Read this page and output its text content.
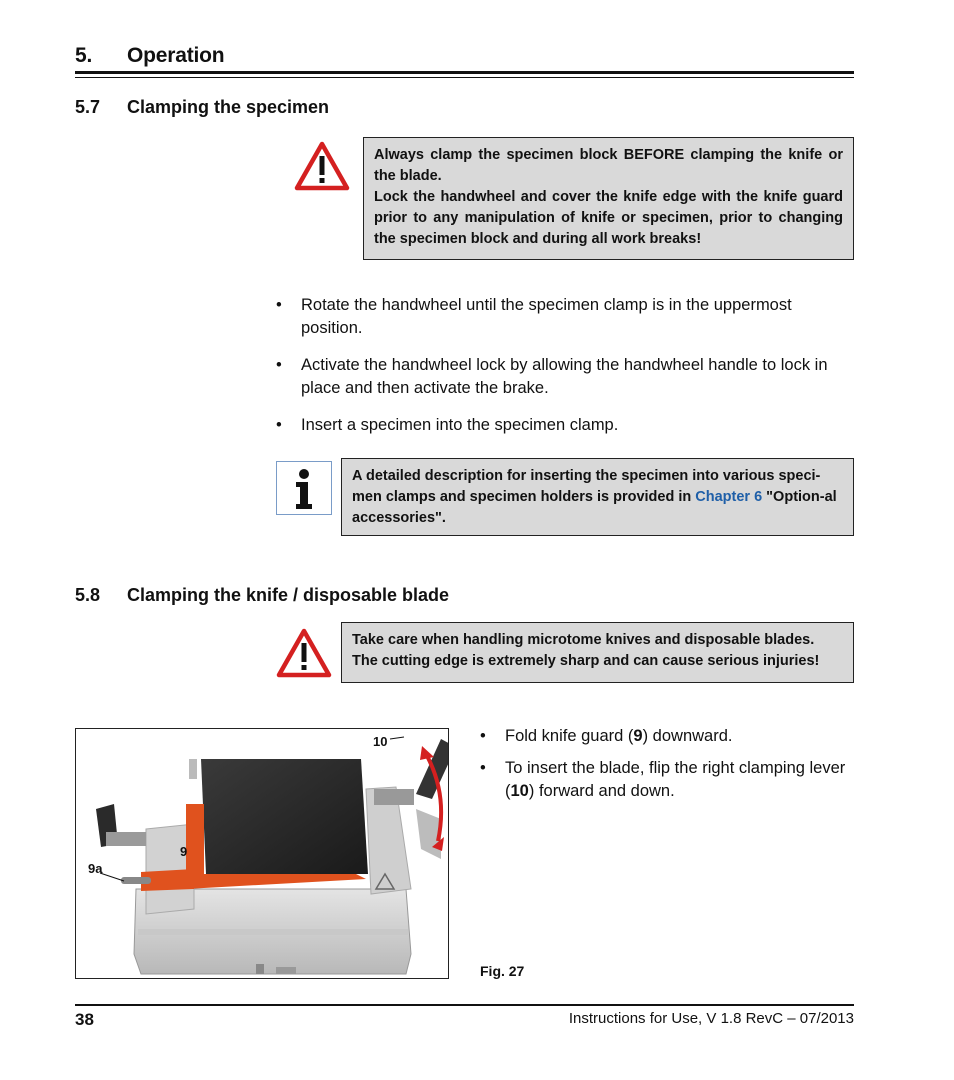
5. Operation
5.7 Clamping the specimen

Always clamp the specimen block BEFORE clamping the knife or the blade.

Lock the handwheel and cover the knife edge with the knife guard prior to any manipulation of knife or specimen, prior to changing the specimen block and during all work breaks!

• Rotate the handwheel until the specimen clamp is in the uppermost position.
• Activate the handwheel lock by allowing the handwheel handle to lock in place and then activate the brake.
• Insert a specimen into the specimen clamp.

A detailed description for inserting the specimen into various speci-men clamps and specimen holders is provided in Chapter 6 "Option-al accessories".

5.8 Clamping the knife / disposable blade

Take care when handling microtome knives and disposable blades.

The cutting edge is extremely sharp and can cause serious injuries!

10
9
9a
• Fold knife guard (9) downward.
• To insert the blade, flip the right clamping lever (10) forward and down.
Fig. 27
38	Instructions for Use, V 1.8 RevC – 07/2013
